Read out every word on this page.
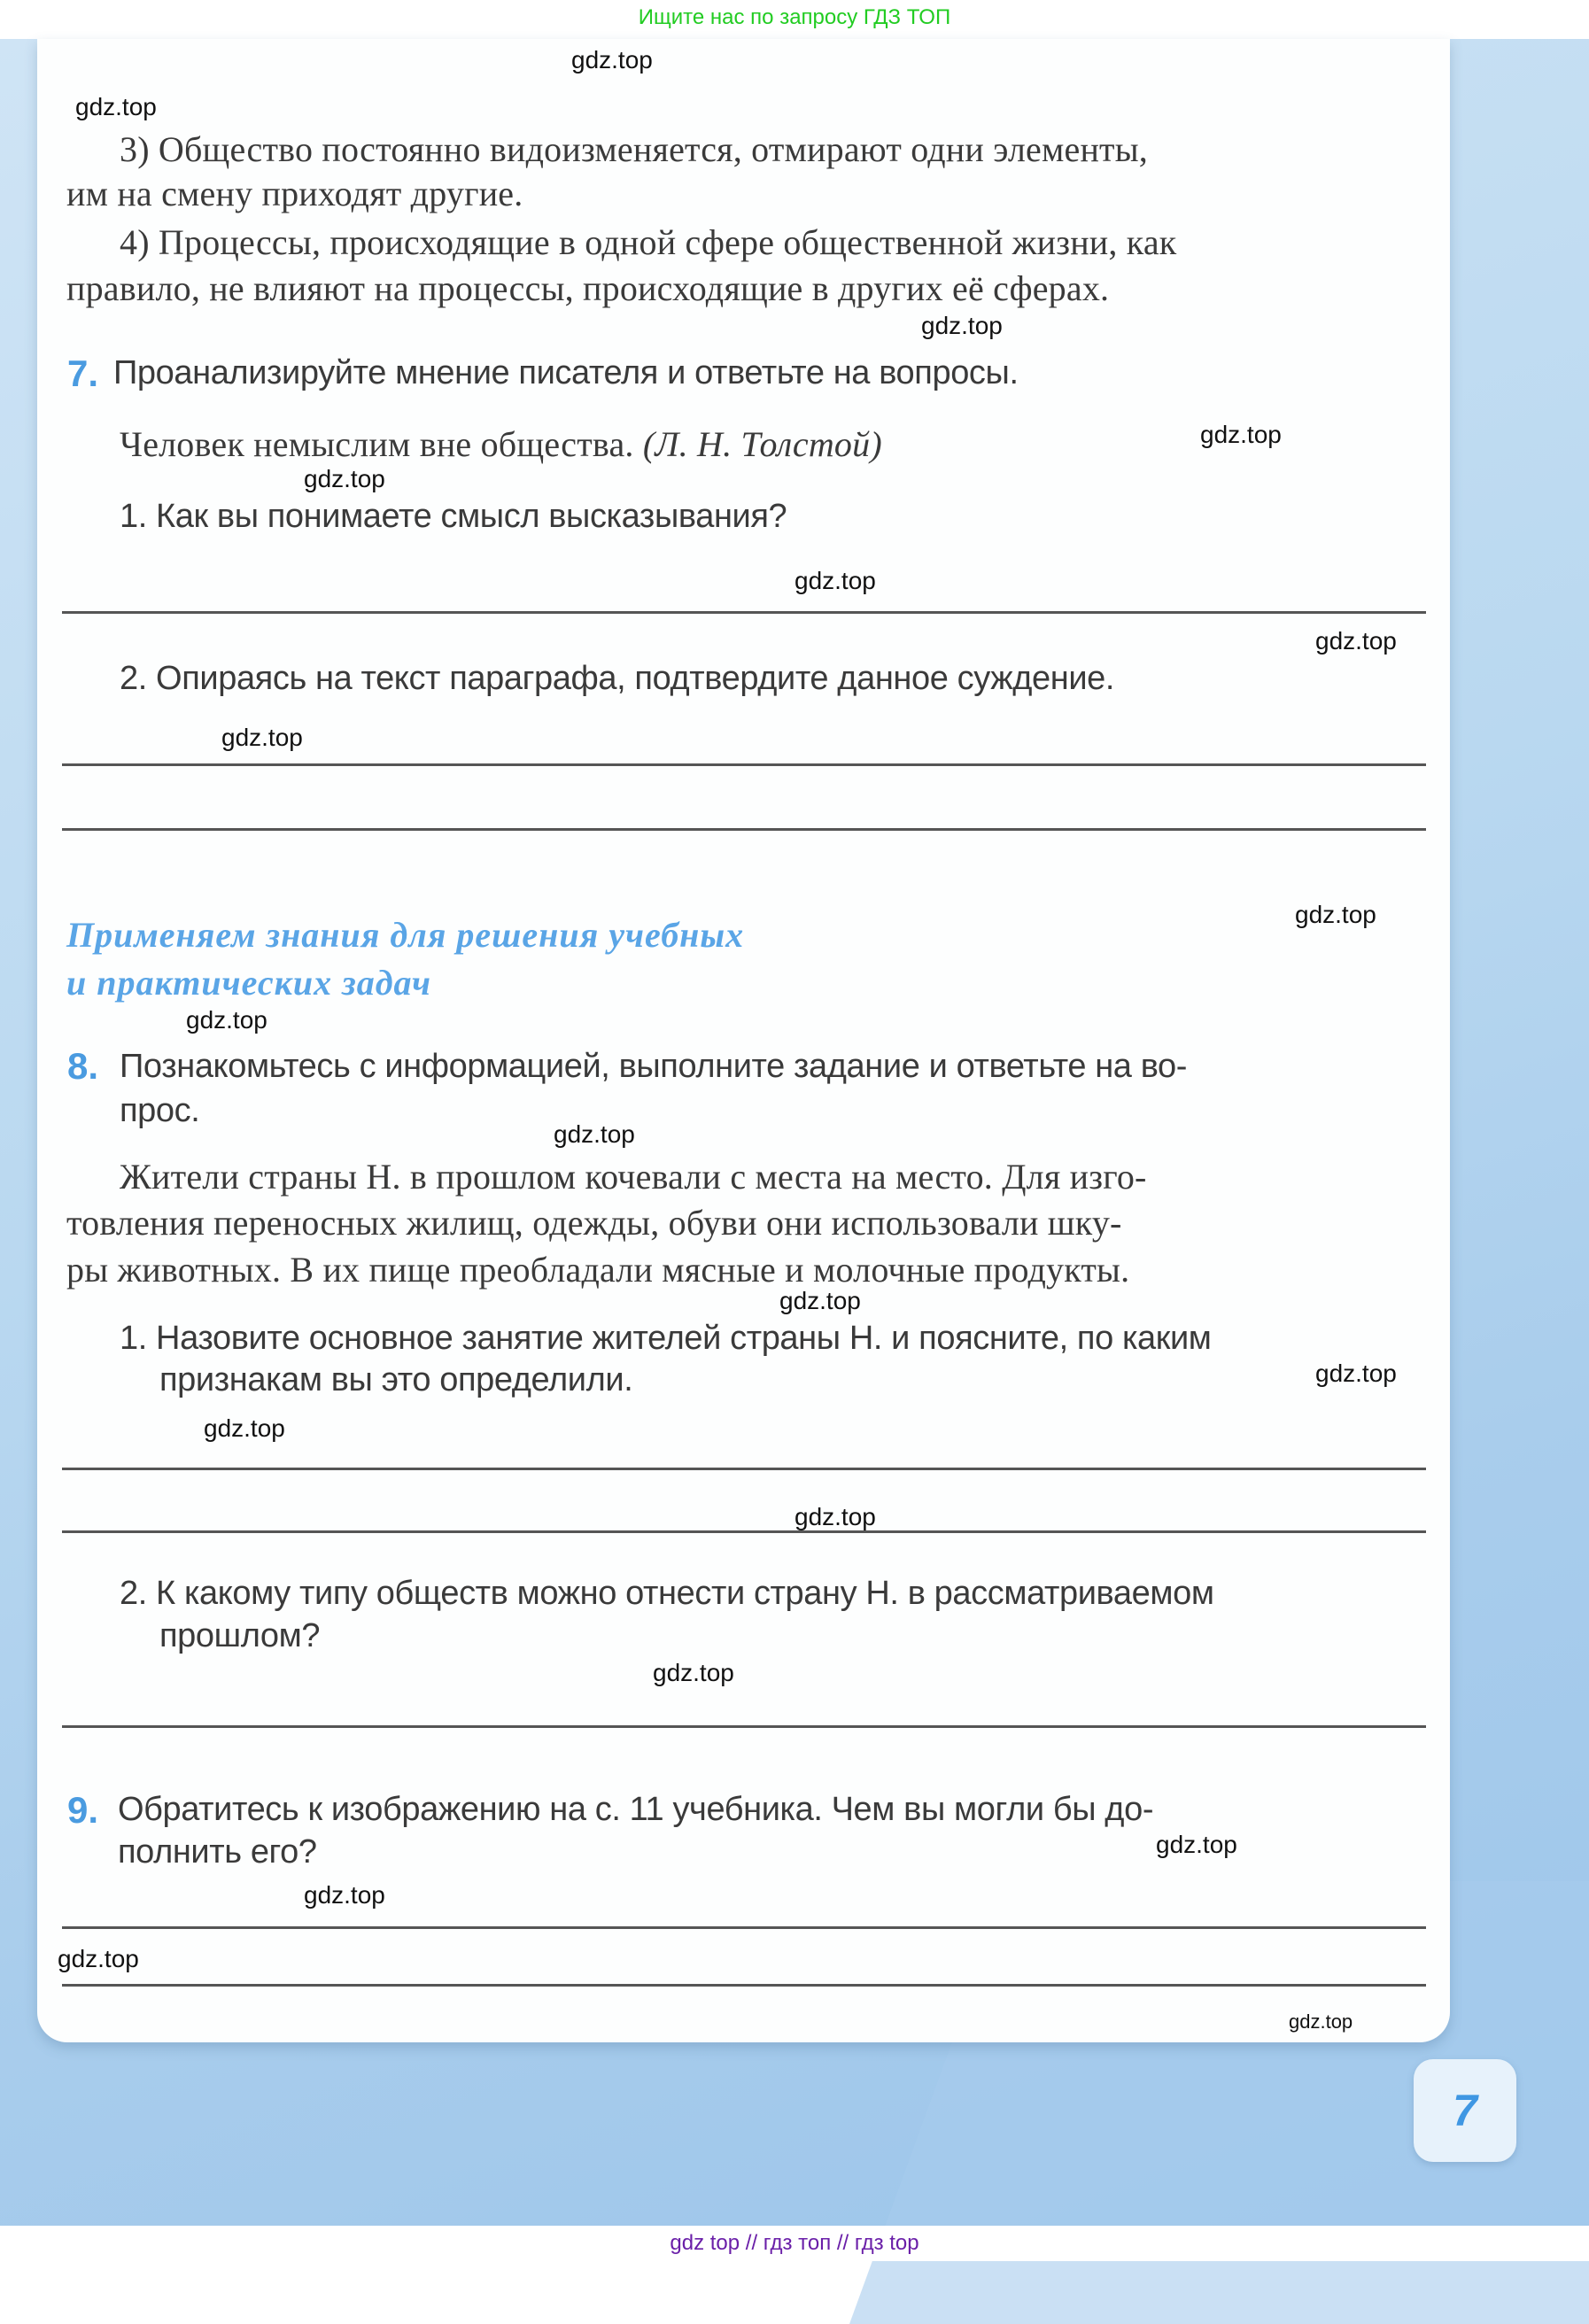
Ищите нас по запросу ГДЗ ТОП
3) Общество постоянно видоизменяется, отмирают одни элементы,
им на смену приходят другие.
4) Процессы, происходящие в одной сфере общественной жизни, как
правило, не влияют на процессы, происходящие в других её сферах.
7. Проанализируйте мнение писателя и ответьте на вопросы.
Человек немыслим вне общества. (Л. Н. Толстой)
1. Как вы понимаете смысл высказывания?
2. Опираясь на текст параграфа, подтвердите данное суждение.
Применяем знания для решения учебных
и практических задач
8. Познакомьтесь с информацией, выполните задание и ответьте на во-
прос.
Жители страны Н. в прошлом кочевали с места на место. Для изго-
товления переносных жилищ, одежды, обуви они использовали шку-
ры животных. В их пище преобладали мясные и молочные продукты.
1. Назовите основное занятие жителей страны Н. и поясните, по каким
признакам вы это определили.
2. К какому типу обществ можно отнести страну Н. в рассматриваемом
прошлом?
9. Обратитесь к изображению на с. 11 учебника. Чем вы могли бы до-
полнить его?
gdz.top
gdz.top
gdz.top
gdz.top
gdz.top
gdz.top
gdz.top
gdz.top
gdz.top
gdz.top
gdz.top
gdz.top
gdz.top
gdz.top
gdz.top
gdz.top
gdz.top
gdz.top
gdz.top
gdz.top
7
gdz top // гдз топ // гдз top
